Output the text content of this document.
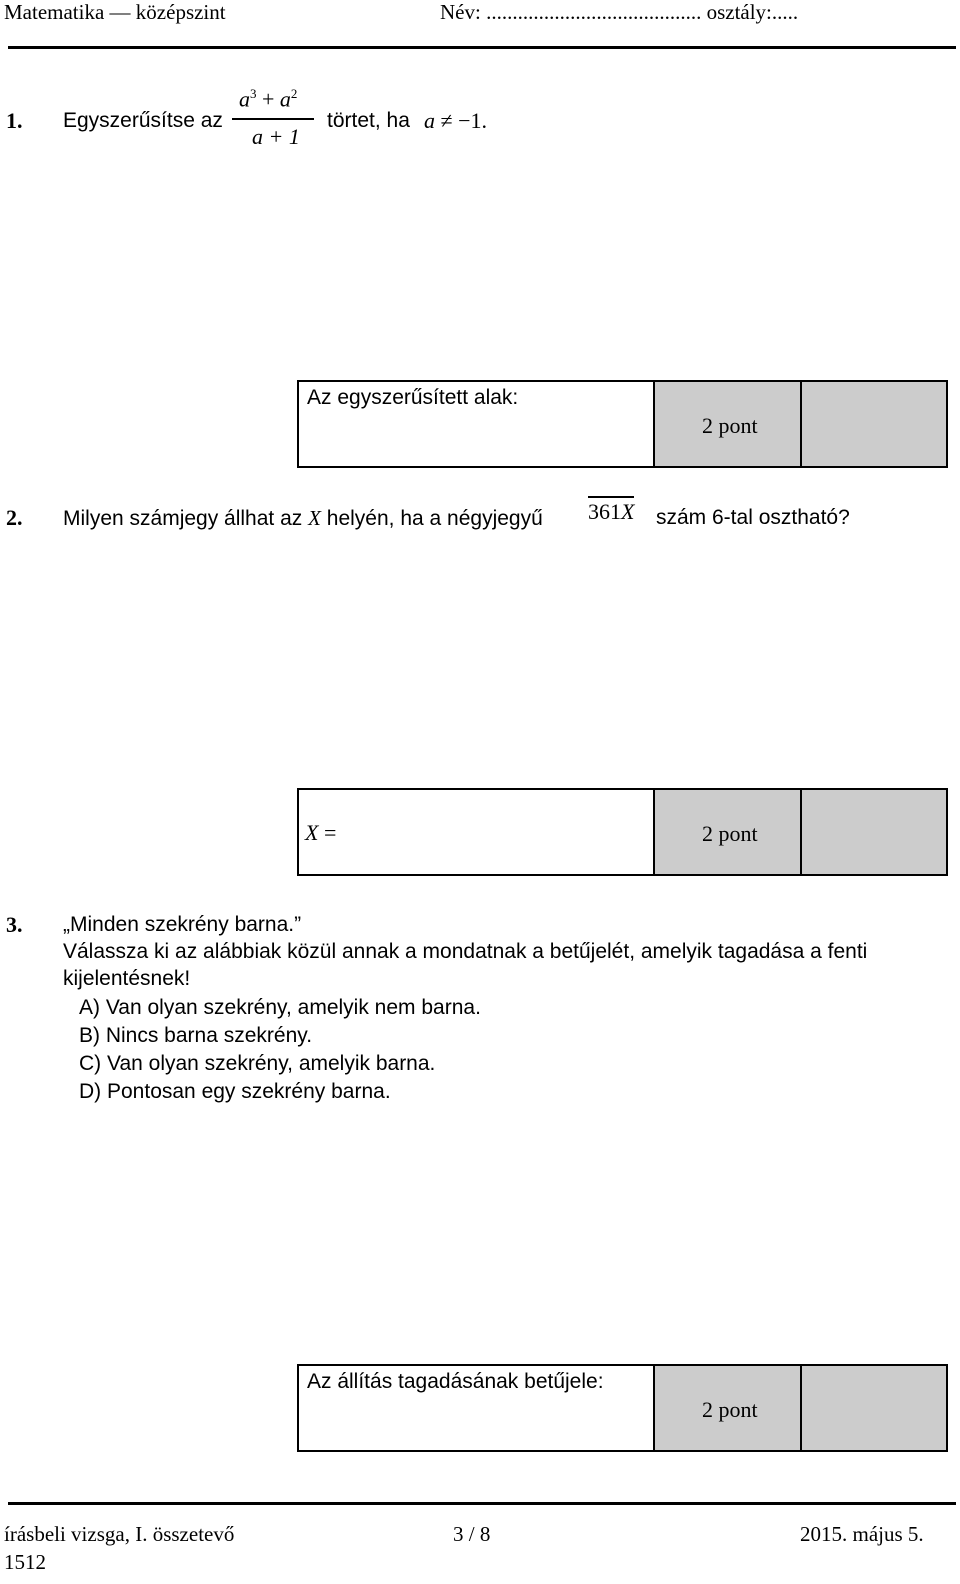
Matematika — középszint	Név: ......................................... osztály:.....
1. Egyszerűsítse az
$a^3 + a^2$
a + 1
törtet, ha a ≠ −1.
Az egyszerűsített alak:
2 pont
2. Milyen számjegy állhat az X helyén, ha a négyjegyű 361X szám 6-tal osztható?
X =	2 pont
3. „Minden szekrény barna.”
Válassza ki az alábbiak közül annak a mondatnak a betűjelét, amelyik tagadása a fenti
kijelentésnek!
A) Van olyan szekrény, amelyik nem barna.
B) Nincs barna szekrény.
C) Van olyan szekrény, amelyik barna.
D) Pontosan egy szekrény barna.
Az állítás tagadásának betűjele:
2 pont
írásbeli vizsga, I. összetevő
1512
3 / 8	2015. május 5.
